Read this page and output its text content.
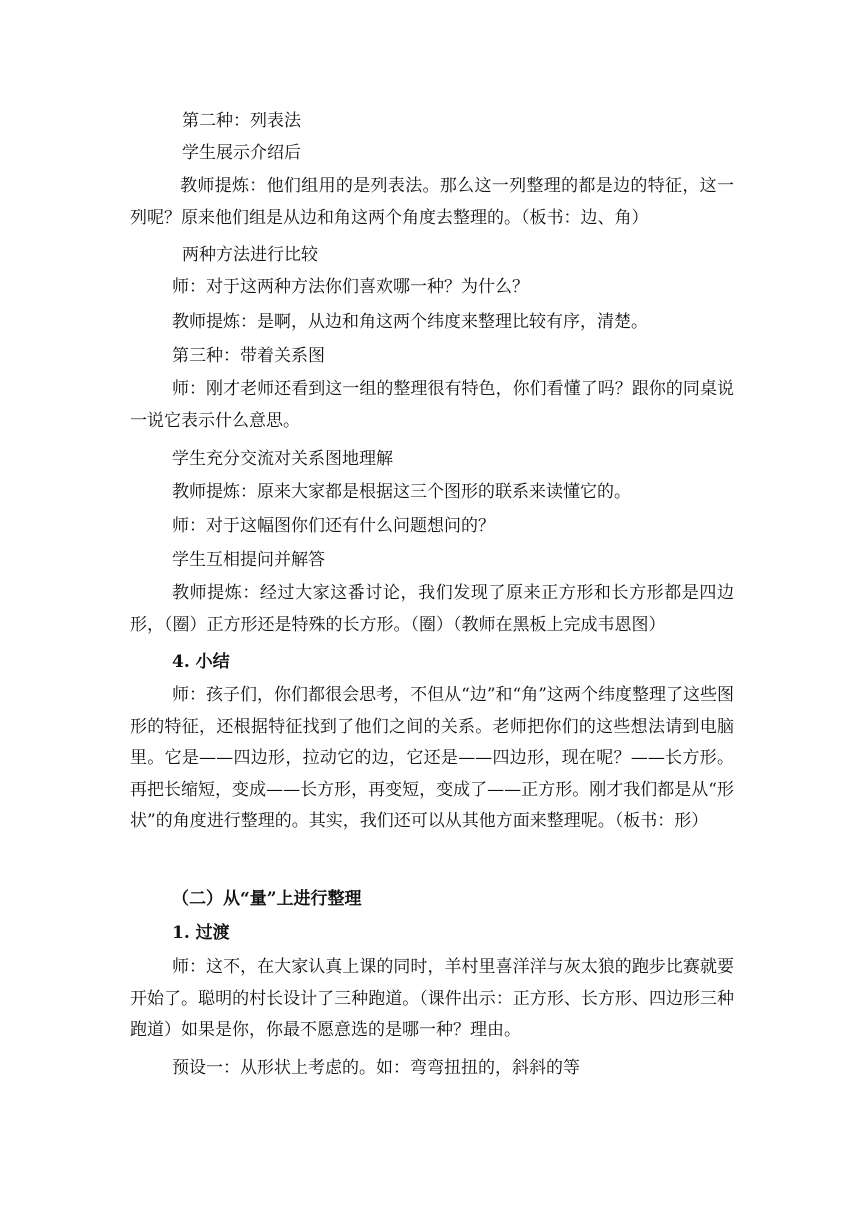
第二种：列表法

学生展示介绍后

教师提炼：他们组用的是列表法。那么这一列整理的都是边的特征，这一列呢？原来他们组是从边和角这两个角度去整理的。（板书：边、角）

两种方法进行比较

师：对于这两种方法你们喜欢哪一种？为什么？

教师提炼：是啊，从边和角这两个纬度来整理比较有序，清楚。

第三种：带着关系图

师：刚才老师还看到这一组的整理很有特色，你们看懂了吗？跟你的同桌说一说它表示什么意思。

学生充分交流对关系图地理解

教师提炼：原来大家都是根据这三个图形的联系来读懂它的。

师：对于这幅图你们还有什么问题想问的？

学生互相提问并解答

教师提炼：经过大家这番讨论，我们发现了原来正方形和长方形都是四边形，（圈）正方形还是特殊的长方形。（圈）（教师在黑板上完成韦恩图）

4. 小结

师：孩子们，你们都很会思考，不但从“边”和“角”这两个纬度整理了这些图形的特征，还根据特征找到了他们之间的关系。老师把你们的这些想法请到电脑里。它是——四边形，拉动它的边，它还是——四边形，现在呢？——长方形。再把长缩短，变成——长方形，再变短，变成了——正方形。刚才我们都是从“形状”的角度进行整理的。其实，我们还可以从其他方面来整理呢。（板书：形）

（二）从“量”上进行整理

1. 过渡

师：这不，在大家认真上课的同时，羊村里喜洋洋与灰太狼的跑步比赛就要开始了。聪明的村长设计了三种跑道。（课件出示：正方形、长方形、四边形三种跑道）如果是你，你最不愿意选的是哪一种？理由。

预设一：从形状上考虑的。如：弯弯扭扭的，斜斜的等
